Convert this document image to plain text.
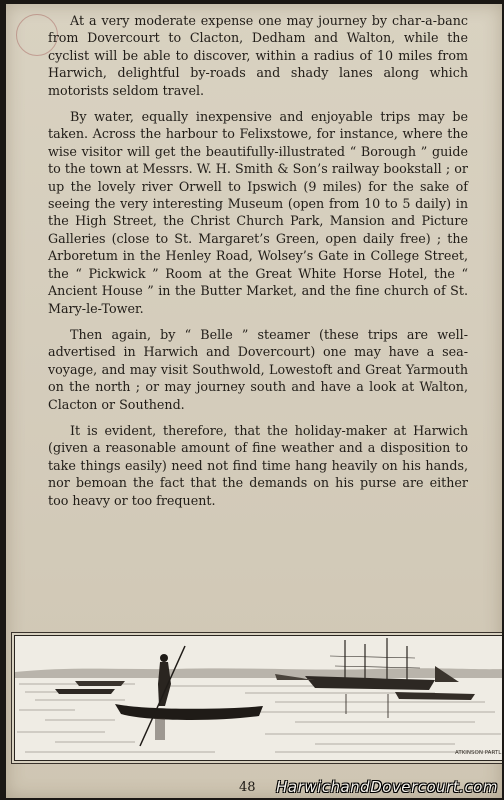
At a very moderate expense one may journey by char-a-banc from Dovercourt to Clacton, Dedham and Walton, while the cyclist will be able to discover, within a radius of 10 miles from Harwich, delightful by-roads and shady lanes along which motorists seldom travel.

By water, equally inexpensive and enjoyable trips may be taken. Across the harbour to Felixstowe, for instance, where the wise visitor will get the beautifully-illustrated “ Borough ” guide to the town at Messrs. W. H. Smith & Son’s railway bookstall ; or up the lovely river Orwell to Ipswich (9 miles) for the sake of seeing the very interesting Museum (open from 10 to 5 daily) in the High Street, the Christ Church Park, Mansion and Picture Galleries (close to St. Margaret’s Green, open daily free) ; the Arboretum in the Henley Road, Wolsey’s Gate in College Street, the “ Pickwick ” Room at the Great White Horse Hotel, the “ Ancient House ” in the Butter Market, and the fine church of St. Mary-le-Tower.

Then again, by “ Belle ” steamer (these trips are well-advertised in Harwich and Dovercourt) one may have a sea-voyage, and may visit Southwold, Lowestoft and Great Yarmouth on the north ; or may journey south and have a look at Walton, Clacton or Southend.

It is evident, therefore, that the holiday-maker at Harwich (given a reasonable amount of fine weather and a disposition to take things easily) need not find time hang heavily on his hands, nor bemoan the fact that the demands on his purse are either too heavy or too frequent.

ATKINSON PARTL
48 HarwichandDovercourt.com
